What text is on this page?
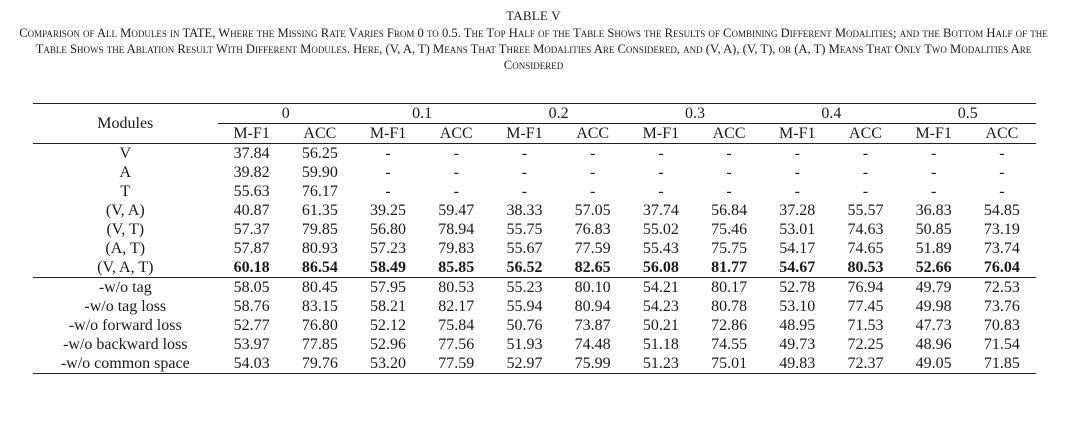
TABLE V
Comparison of All Modules in TATE, Where the Missing Rate Varies From 0 to 0.5. The Top Half of the Table Shows the Results of Combining Different Modalities; and the Bottom Half of the Table Shows the Ablation Result With Different Modules. Here, (V, A, T) Means That Three Modalities Are Considered, and (V, A), (V, T), or (A, T) Means That Only Two Modalities Are Considered
Modules	0		0.1		0.2		0.3		0.4		0.5	
	M-F1	ACC	M-F1	ACC	M-F1	ACC	M-F1	ACC	M-F1	ACC	M-F1	ACC
V	37.84	56.25	-	-	-	-	-	-	-	-	-	-
A	39.82	59.90	-	-	-	-	-	-	-	-	-	-
T	55.63	76.17	-	-	-	-	-	-	-	-	-	-
(V, A)	40.87	61.35	39.25	59.47	38.33	57.05	37.74	56.84	37.28	55.57	36.83	54.85
(V, T)	57.37	79.85	56.80	78.94	55.75	76.83	55.02	75.46	53.01	74.63	50.85	73.19
(A, T)	57.87	80.93	57.23	79.83	55.67	77.59	55.43	75.75	54.17	74.65	51.89	73.74
(V, A, T)	60.18	86.54	58.49	85.85	56.52	82.65	56.08	81.77	54.67	80.53	52.66	76.04
-w/o tag	58.05	80.45	57.95	80.53	55.23	80.10	54.21	80.17	52.78	76.94	49.79	72.53
-w/o tag loss	58.76	83.15	58.21	82.17	55.94	80.94	54.23	80.78	53.10	77.45	49.98	73.76
-w/o forward loss	52.77	76.80	52.12	75.84	50.76	73.87	50.21	72.86	48.95	71.53	47.73	70.83
-w/o backward loss	53.97	77.85	52.96	77.56	51.93	74.48	51.18	74.55	49.73	72.25	48.96	71.54
-w/o common space	54.03	79.76	53.20	77.59	52.97	75.99	51.23	75.01	49.83	72.37	49.05	71.85
